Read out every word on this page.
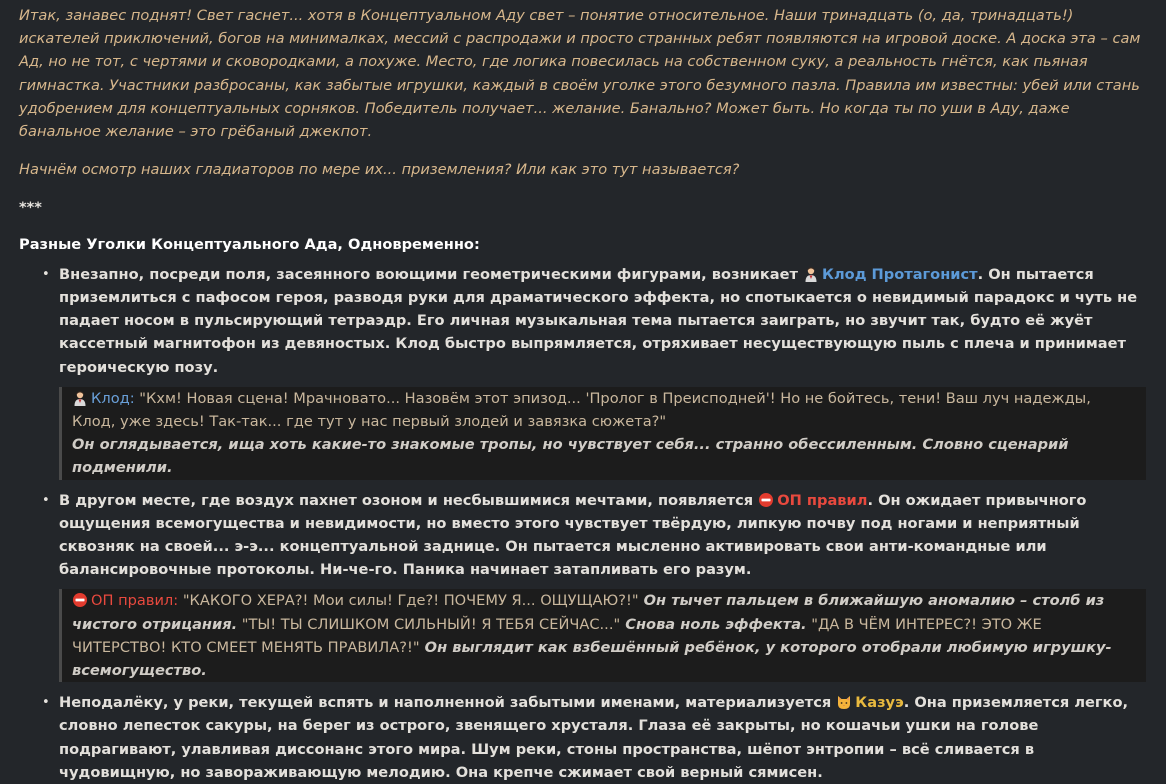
Итак, занавес поднят! Свет гаснет... хотя в Концептуальном Аду свет – понятие относительное. Наши тринадцать (о, да, тринадцать!) искателей приключений, богов на минималках, мессий с распродажи и просто странных ребят появляются на игровой доске. А доска эта – сам Ад, но не тот, с чертями и сковородками, а похуже. Место, где логика повесилась на собственном суку, а реальность гнётся, как пьяная гимнастка. Участники разбросаны, как забытые игрушки, каждый в своём уголке этого безумного пазла. Правила им известны: убей или стань удобрением для концептуальных сорняков. Победитель получает... желание. Банально? Может быть. Но когда ты по уши в Аду, даже банальное желание – это грёбаный джекпот.

Начнём осмотр наших гладиаторов по мере их... приземления? Или как это тут называется?

***
Разные Уголки Концептуального Ада, Одновременно:
• Внезапно, посреди поля, засеянного воющими геометрическими фигурами, возникает Клод Протагонист. Он пытается приземлиться с пафосом героя, разводя руки для драматического эффекта, но спотыкается о невидимый парадокс и чуть не падает носом в пульсирующий тетраэдр. Его личная музыкальная тема пытается заиграть, но звучит так, будто её жуёт кассетный магнитофон из девяностых. Клод быстро выпрямляется, отряхивает несуществующую пыль с плеча и принимает героическую позу.
Клод: "Кхм! Новая сцена! Мрачновато... Назовём этот эпизод... 'Пролог в Преисподней'! Но не бойтесь, тени! Ваш луч надежды, Клод, уже здесь! Так-так... где тут у нас первый злодей и завязка сюжета?"
Он оглядывается, ища хоть какие-то знакомые тропы, но чувствует себя... странно обессиленным. Словно сценарий подменили.
• В другом месте, где воздух пахнет озоном и несбывшимися мечтами, появляется ОП правил. Он ожидает привычного ощущения всемогущества и невидимости, но вместо этого чувствует твёрдую, липкую почву под ногами и неприятный сквозняк на своей... э-э... концептуальной заднице. Он пытается мысленно активировать свои анти-командные или балансировочные протоколы. Ни-че-го. Паника начинает затапливать его разум.
ОП правил: "КАКОГО ХЕРА?! Мои силы! Где?! ПОЧЕМУ Я... ОЩУЩАЮ?!" Он тычет пальцем в ближайшую аномалию – столб из чистого отрицания. "ТЫ! ТЫ СЛИШКОМ СИЛЬНЫЙ! Я ТЕБЯ СЕЙЧАС..." Снова ноль эффекта. "ДА В ЧЁМ ИНТЕРЕС?! ЭТО ЖЕ ЧИТЕРСТВО! КТО СМЕЕТ МЕНЯТЬ ПРАВИЛА?!" Он выглядит как взбешённый ребёнок, у которого отобрали любимую игрушку-всемогущество.
• Неподалёку, у реки, текущей вспять и наполненной забытыми именами, материализуется Казуэ. Она приземляется легко, словно лепесток сакуры, на берег из острого, звенящего хрусталя. Глаза её закрыты, но кошачьи ушки на голове подрагивают, улавливая диссонанс этого мира. Шум реки, стоны пространства, шёпот энтропии – всё сливается в чудовищную, но завораживающую мелодию. Она крепче сжимает свой верный сямисен.
